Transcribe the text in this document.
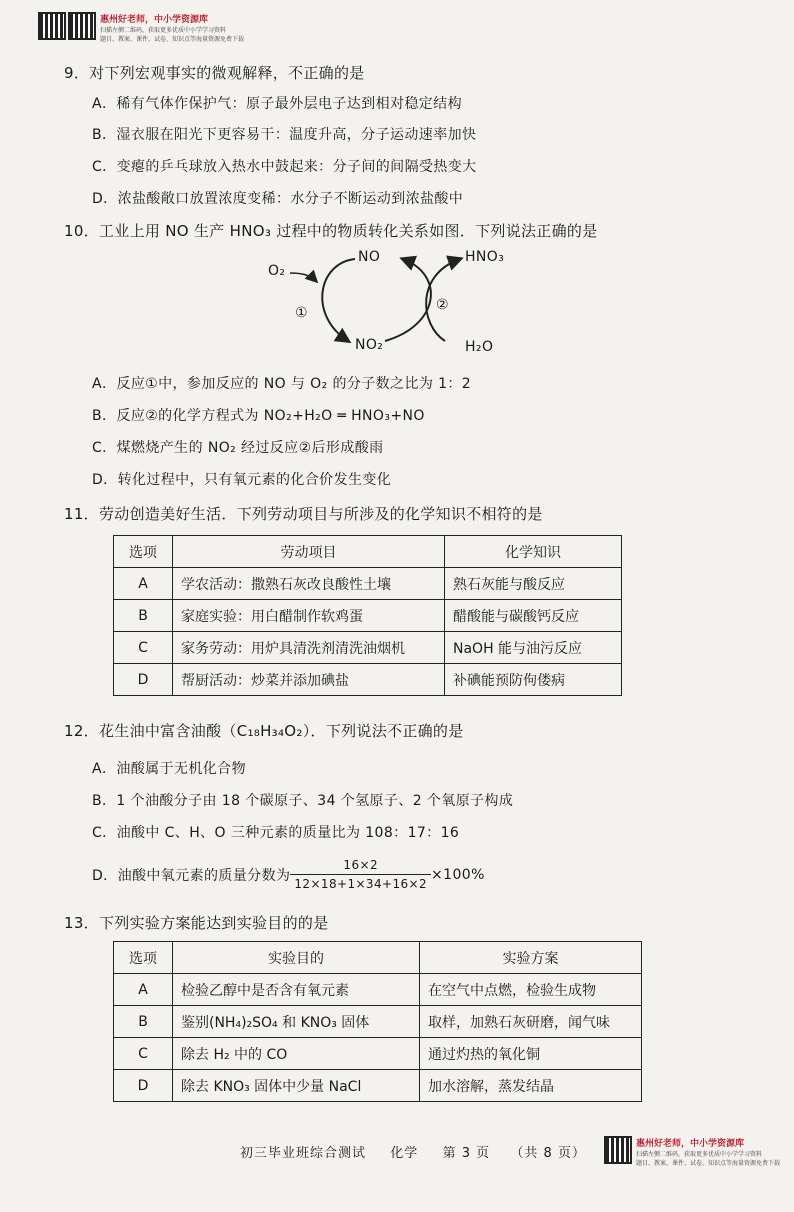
惠州好老师，中小学资源库
扫描左侧二维码，获取更多优质中小学学习资料
题目、教案、课件、试卷、知识点等海量资源免费下载
9．对下列宏观事实的微观解释，不正确的是
A．稀有气体作保护气：原子最外层电子达到相对稳定结构
B．湿衣服在阳光下更容易干：温度升高，分子运动速率加快
C．变瘪的乒乓球放入热水中鼓起来：分子间的间隔受热变大
D．浓盐酸敞口放置浓度变稀：水分子不断运动到浓盐酸中
10．工业上用 NO 生产 HNO₃ 过程中的物质转化关系如图．下列说法正确的是
O₂
NO	HNO₃
NO₂	H₂O
①	②
A．反应①中，参加反应的 NO 与 O₂ 的分子数之比为 1：2
B．反应②的化学方程式为 NO₂+H₂O ═ HNO₃+NO
C．煤燃烧产生的 NO₂ 经过反应②后形成酸雨
D．转化过程中，只有氧元素的化合价发生变化
11．劳动创造美好生活．下列劳动项目与所涉及的化学知识不相符的是
选项	劳动项目	化学知识
A	学农活动：撒熟石灰改良酸性土壤	熟石灰能与酸反应
B	家庭实验：用白醋制作软鸡蛋	醋酸能与碳酸钙反应
C	家务劳动：用炉具清洗剂清洗油烟机	NaOH 能与油污反应
D	帮厨活动：炒菜并添加碘盐	补碘能预防佝偻病
12．花生油中富含油酸（C₁₈H₃₄O₂）．下列说法不正确的是
A．油酸属于无机化合物
B．1 个油酸分子由 18 个碳原子、34 个氢原子、2 个氧原子构成
C．油酸中 C、H、O 三种元素的质量比为 108：17：16
D．油酸中氧元素的质量分数为 $\frac{16\times 2}{12\times 18+1\times 34+16\times 2} \times 100\%$
13．下列实验方案能达到实验目的的是
选项	实验目的	实验方案
A	检验乙醇中是否含有氧元素	在空气中点燃，检验生成物
B	鉴别(NH₄)₂SO₄ 和 KNO₃ 固体	取样，加熟石灰研磨，闻气味
C	除去 H₂ 中的 CO	通过灼热的氧化铜
D	除去 KNO₃ 固体中少量 NaCl	加水溶解，蒸发结晶
初三毕业班综合测试 化学 第 3 页 （共 8 页）
惠州好老师，中小学资源库
扫描左侧二维码，获取更多优质中小学学习资料
题目、教案、课件、试卷、知识点等海量资源免费下载
